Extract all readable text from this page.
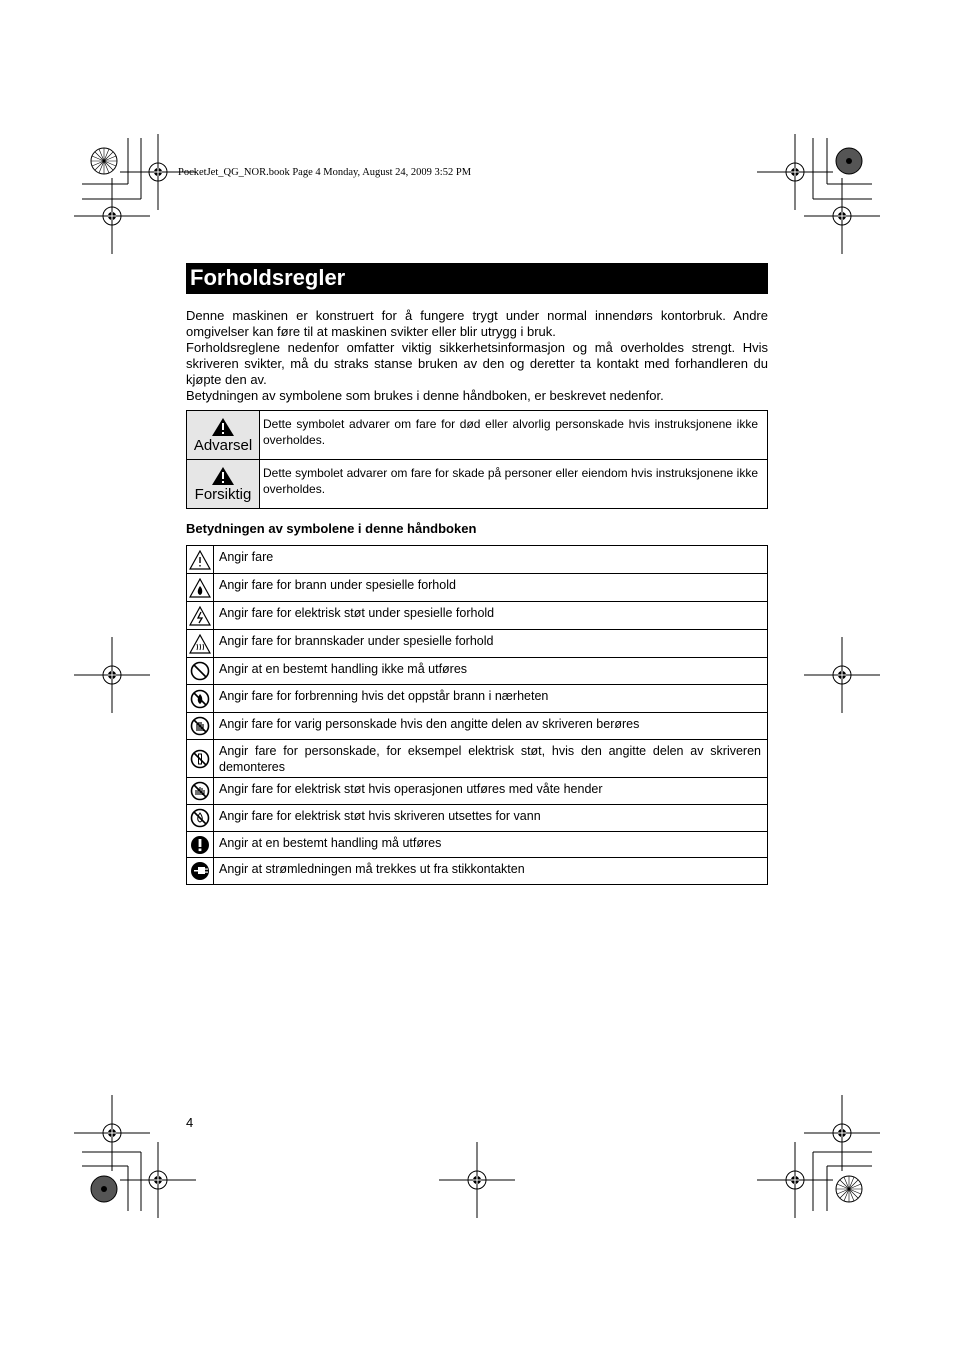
PocketJet_QG_NOR.book Page 4 Monday, August 24, 2009 3:52 PM
Forholdsregler

Denne maskinen er konstruert for å fungere trygt under normal innendørs kontorbruk. Andre omgivelser kan føre til at maskinen svikter eller blir utrygg i bruk.

Forholdsreglene nedenfor omfatter viktig sikkerhetsinformasjon og må overholdes strengt. Hvis skriveren svikter, må du straks stanse bruken av den og deretter ta kontakt med forhandleren du kjøpte den av.

Betydningen av symbolene som brukes i denne håndboken, er beskrevet nedenfor.

Advarsel	Dette symbolet advarer om fare for død eller alvorlig personskade hvis instruksjonene ikke overholdes.

Forsiktig	Dette symbolet advarer om fare for skade på personer eller eiendom hvis instruksjonene ikke overholdes.
Betydningen av symbolene i denne håndboken
	Angir fare

	Angir fare for brann under spesielle forhold

	Angir fare for elektrisk støt under spesielle forhold

	Angir fare for brannskader under spesielle forhold

	Angir at en bestemt handling ikke må utføres

	Angir fare for forbrenning hvis det oppstår brann i nærheten

	Angir fare for varig personskade hvis den angitte delen av skriveren berøres

	Angir fare for personskade, for eksempel elektrisk støt, hvis den angitte delen av skriveren demonteres

	Angir fare for elektrisk støt hvis operasjonen utføres med våte hender

	Angir fare for elektrisk støt hvis skriveren utsettes for vann

	Angir at en bestemt handling må utføres

	Angir at strømledningen må trekkes ut fra stikkontakten
4
